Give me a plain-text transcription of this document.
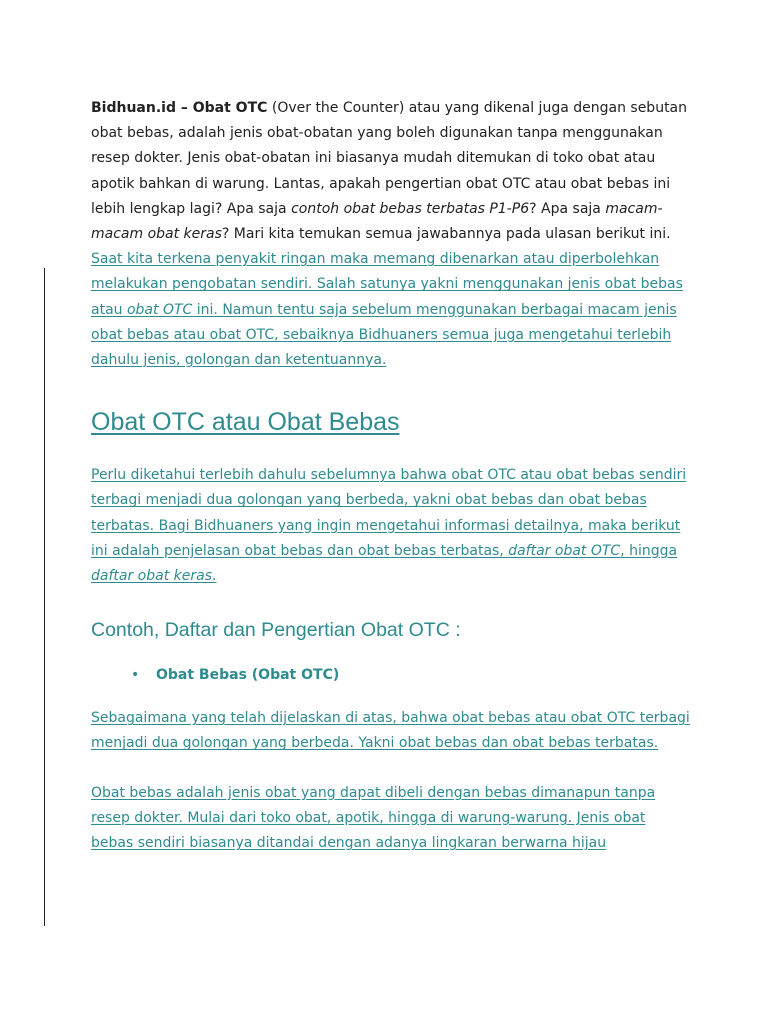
Bidhuan.id – Obat OTC (Over the Counter) atau yang dikenal juga dengan sebutan obat bebas, adalah jenis obat-obatan yang boleh digunakan tanpa menggunakan resep dokter. Jenis obat-obatan ini biasanya mudah ditemukan di toko obat atau apotik bahkan di warung. Lantas, apakah pengertian obat OTC atau obat bebas ini lebih lengkap lagi? Apa saja contoh obat bebas terbatas P1-P6? Apa saja macam-macam obat keras? Mari kita temukan semua jawabannya pada ulasan berikut ini.

Saat kita terkena penyakit ringan maka memang dibenarkan atau diperbolehkan melakukan pengobatan sendiri. Salah satunya yakni menggunakan jenis obat bebas atau obat OTC ini. Namun tentu saja sebelum menggunakan berbagai macam jenis obat bebas atau obat OTC, sebaiknya Bidhuaners semua juga mengetahui terlebih dahulu jenis, golongan dan ketentuannya.

Obat OTC atau Obat Bebas

Perlu diketahui terlebih dahulu sebelumnya bahwa obat OTC atau obat bebas sendiri terbagi menjadi dua golongan yang berbeda, yakni obat bebas dan obat bebas terbatas. Bagi Bidhuaners yang ingin mengetahui informasi detailnya, maka berikut ini adalah penjelasan obat bebas dan obat bebas terbatas, daftar obat OTC, hingga daftar obat keras.

Contoh, Daftar dan Pengertian Obat OTC :

• Obat Bebas (Obat OTC)

Sebagaimana yang telah dijelaskan di atas, bahwa obat bebas atau obat OTC terbagi menjadi dua golongan yang berbeda. Yakni obat bebas dan obat bebas terbatas.

Obat bebas adalah jenis obat yang dapat dibeli dengan bebas dimanapun tanpa resep dokter. Mulai dari toko obat, apotik, hingga di warung-warung. Jenis obat bebas sendiri biasanya ditandai dengan adanya lingkaran berwarna hijau
